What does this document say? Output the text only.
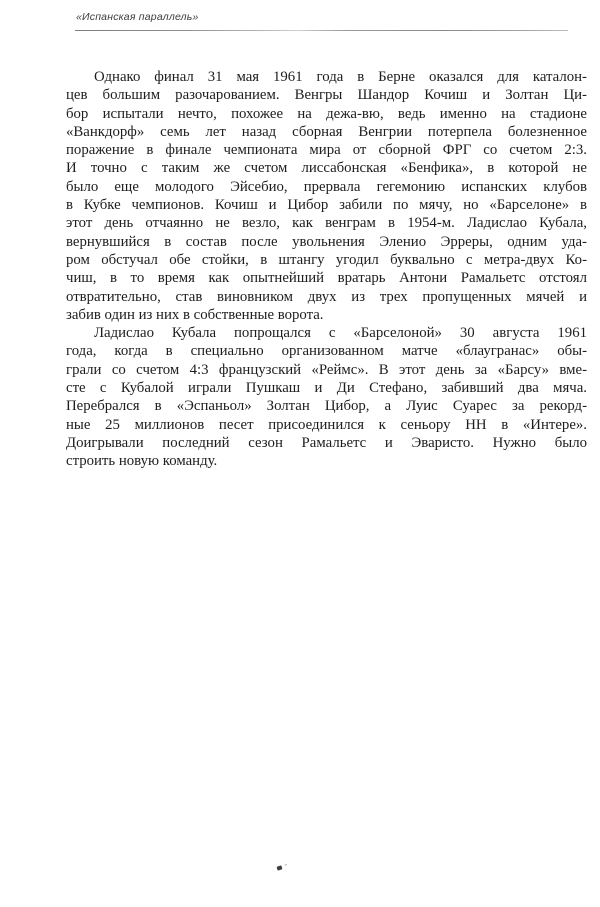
«Испанская параллель»
Однако финал 31 мая 1961 года в Берне оказался для каталон-
цев большим разочарованием. Венгры Шандор Кочиш и Золтан Ци-
бор испытали нечто, похожее на дежа-вю, ведь именно на стадионе
«Ванкдорф» семь лет назад сборная Венгрии потерпела болезненное
поражение в финале чемпионата мира от сборной ФРГ со счетом 2:3.
И точно с таким же счетом лиссабонская «Бенфика», в которой не
было еще молодого Эйсебио, прервала гегемонию испанских клубов
в Кубке чемпионов. Кочиш и Цибор забили по мячу, но «Барселоне» в
этот день отчаянно не везло, как венграм в 1954-м. Ладислао Кубала,
вернувшийся в состав после увольнения Эленио Эрреры, одним уда-
ром обстучал обе стойки, в штангу угодил буквально с метра-двух Ко-
чиш, в то время как опытнейший вратарь Антони Рамальетс отстоял
отвратительно, став виновником двух из трех пропущенных мячей и
забив один из них в собственные ворота.
Ладислао Кубала попрощался с «Барселоной» 30 августа 1961
года, когда в специально организованном матче «блаугранас» обы-
грали со счетом 4:3 французский «Реймс». В этот день за «Барсу» вме-
сте с Кубалой играли Пушкаш и Ди Стефано, забивший два мяча.
Перебрался в «Эспаньол» Золтан Цибор, а Луис Суарес за рекорд-
ные 25 миллионов песет присоединился к сеньору НН в «Интере».
Доигрывали последний сезон Рамальетс и Эваристо. Нужно было
строить новую команду.
